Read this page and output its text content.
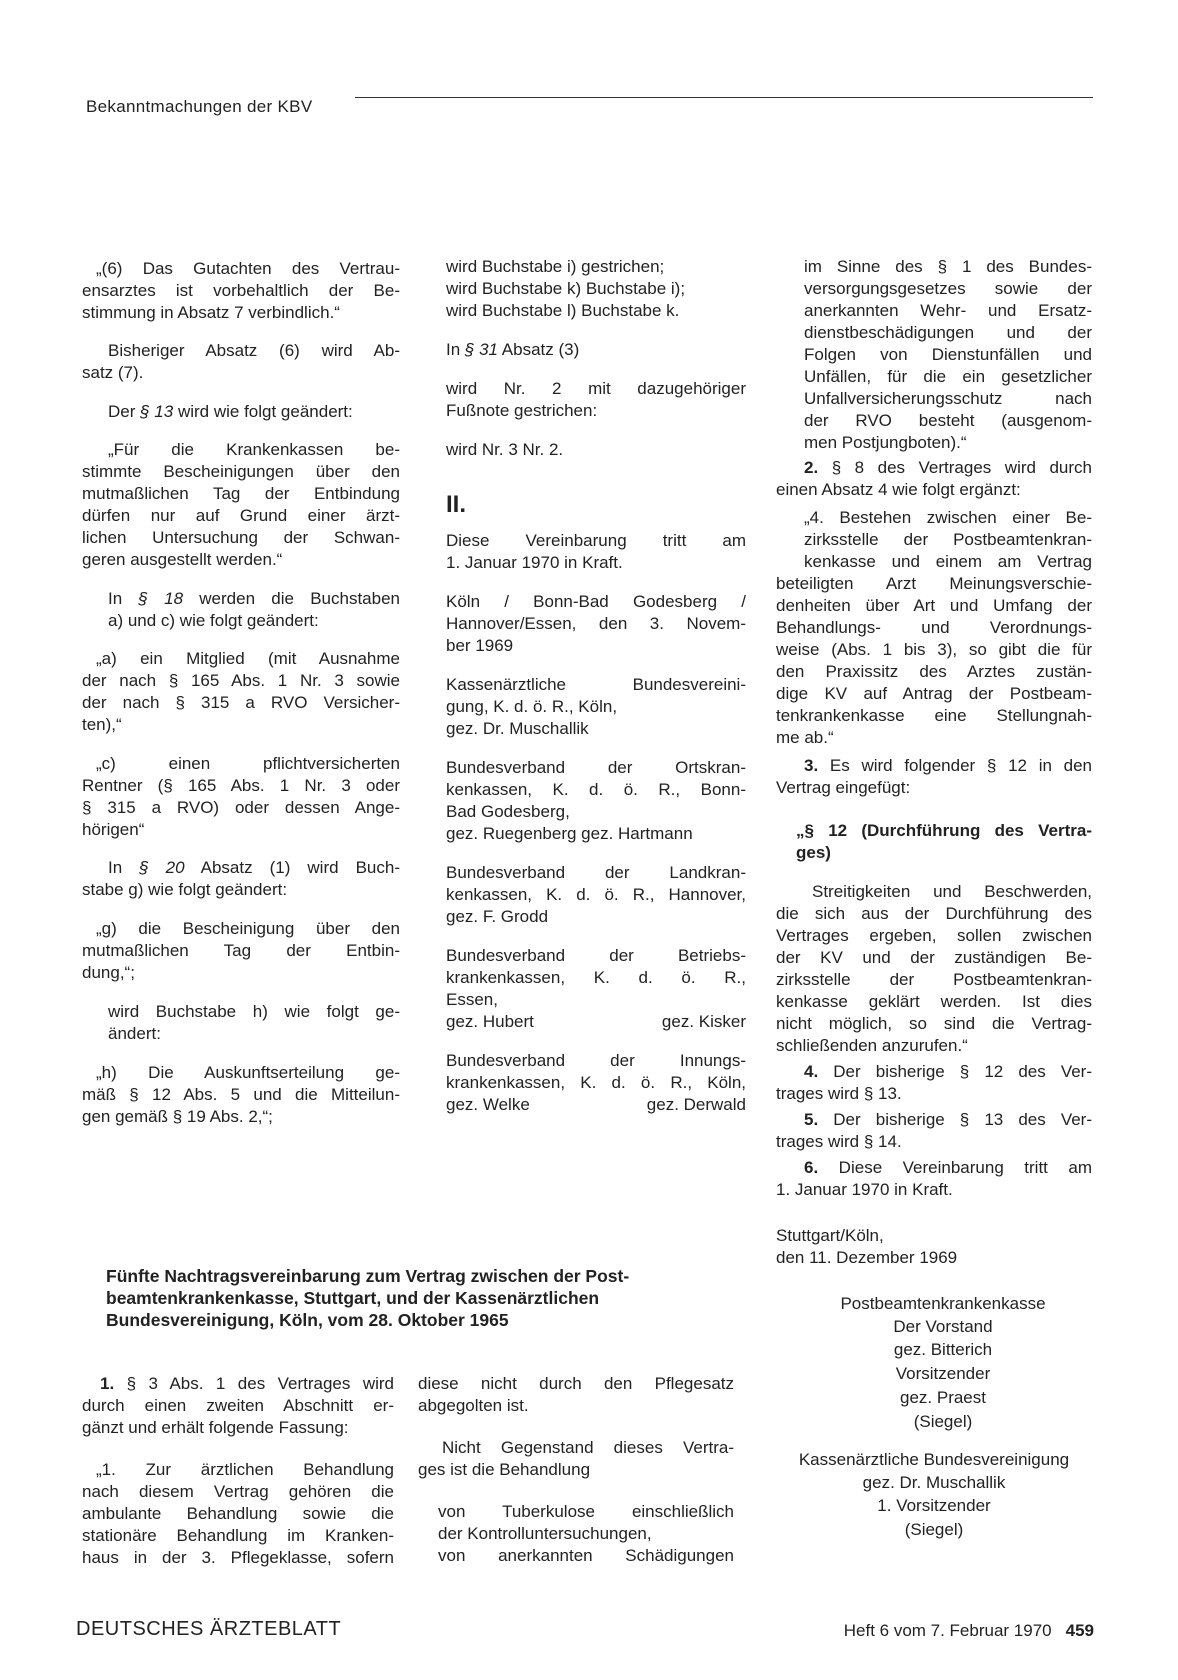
Bekanntmachungen der KBV

„(6) Das Gutachten des Vertrau-

ensarztes ist vorbehaltlich der Be-

stimmung in Absatz 7 verbindlich.“

Bisheriger Absatz (6) wird Ab-

satz (7).

Der § 13 wird wie folgt geändert:

„Für die Krankenkassen be-

stimmte Bescheinigungen über den

mutmaßlichen Tag der Entbindung

dürfen nur auf Grund einer ärzt-

lichen Untersuchung der Schwan-

geren ausgestellt werden.“

In § 18 werden die Buchstaben

a) und c) wie folgt geändert:

„a) ein Mitglied (mit Ausnahme

der nach § 165 Abs. 1 Nr. 3 sowie

der nach § 315 a RVO Versicher-

ten),“

„c) einen pflichtversicherten

Rentner (§ 165 Abs. 1 Nr. 3 oder

§ 315 a RVO) oder dessen Ange-

hörigen“

In § 20 Absatz (1) wird Buch-

stabe g) wie folgt geändert:

„g) die Bescheinigung über den

mutmaßlichen Tag der Entbin-

dung,“;

wird Buchstabe h) wie folgt ge-

ändert:

„h) Die Auskunftserteilung ge-

mäß § 12 Abs. 5 und die Mitteilun-

gen gemäß § 19 Abs. 2,“;

wird Buchstabe i) gestrichen;

wird Buchstabe k) Buchstabe i);

wird Buchstabe l) Buchstabe k.

In § 31 Absatz (3)

wird Nr. 2 mit dazugehöriger

Fußnote gestrichen:

wird Nr. 3 Nr. 2.

II.

Diese Vereinbarung tritt am

1. Januar 1970 in Kraft.

Köln / Bonn-Bad Godesberg /

Hannover/Essen, den 3. Novem-

ber 1969

Kassenärztliche Bundesvereini-

gung, K. d. ö. R., Köln,

gez. Dr. Muschallik

Bundesverband der Ortskran-

kenkassen, K. d. ö. R., Bonn-

Bad Godesberg,

gez. Ruegenberg gez. Hartmann

Bundesverband der Landkran-

kenkassen, K. d. ö. R., Hannover,

gez. F. Grodd

Bundesverband der Betriebs-

krankenkassen, K. d. ö. R.,

Essen,

gez. Hubert	gez. Kisker

Bundesverband der Innungs-

krankenkassen, K. d. ö. R., Köln,

gez. Welke	gez. Derwald

im Sinne des § 1 des Bundes-

versorgungsgesetzes sowie der

anerkannten Wehr- und Ersatz-

dienstbeschädigungen und der

Folgen von Dienstunfällen und

Unfällen, für die ein gesetzlicher

Unfallversicherungsschutz nach

der RVO besteht (ausgenom-

men Postjungboten).“

2. § 8 des Vertrages wird durch

einen Absatz 4 wie folgt ergänzt:

„4. Bestehen zwischen einer Be-

zirksstelle der Postbeamtenkran-

kenkasse und einem am Vertrag

beteiligten Arzt Meinungsverschie-

denheiten über Art und Umfang der

Behandlungs- und Verordnungs-

weise (Abs. 1 bis 3), so gibt die für

den Praxissitz des Arztes zustän-

dige KV auf Antrag der Postbeam-

tenkrankenkasse eine Stellungnah-

me ab.“

3. Es wird folgender § 12 in den

Vertrag eingefügt:

„§ 12 (Durchführung des Vertra-

ges)

Streitigkeiten und Beschwerden,

die sich aus der Durchführung des

Vertrages ergeben, sollen zwischen

der KV und der zuständigen Be-

zirksstelle der Postbeamtenkran-

kenkasse geklärt werden. Ist dies

nicht möglich, so sind die Vertrag-

schließenden anzurufen.“

4. Der bisherige § 12 des Ver-

trages wird § 13.

5. Der bisherige § 13 des Ver-

trages wird § 14.

6. Diese Vereinbarung tritt am

1. Januar 1970 in Kraft.

Stuttgart/Köln,

den 11. Dezember 1969

Postbeamtenkrankenkasse

Der Vorstand

gez. Bitterich

Vorsitzender

gez. Praest

(Siegel)

Kassenärztliche Bundesvereinigung

gez. Dr. Muschallik

1. Vorsitzender

(Siegel)

Fünfte Nachtragsvereinbarung zum Vertrag zwischen der Post-
beamtenkrankenkasse, Stuttgart, und der Kassenärztlichen
Bundesvereinigung, Köln, vom 28. Oktober 1965

1. § 3 Abs. 1 des Vertrages wird

durch einen zweiten Abschnitt er-

gänzt und erhält folgende Fassung:

„1. Zur ärztlichen Behandlung

nach diesem Vertrag gehören die

ambulante Behandlung sowie die

stationäre Behandlung im Kranken-

haus in der 3. Pflegeklasse, sofern

diese nicht durch den Pflegesatz

abgegolten ist.

Nicht Gegenstand dieses Vertra-

ges ist die Behandlung

von Tuberkulose einschließlich

der Kontrolluntersuchungen,

von anerkannten Schädigungen

DEUTSCHES ÄRZTEBLATT	Heft 6 vom 7. Februar 1970 459
